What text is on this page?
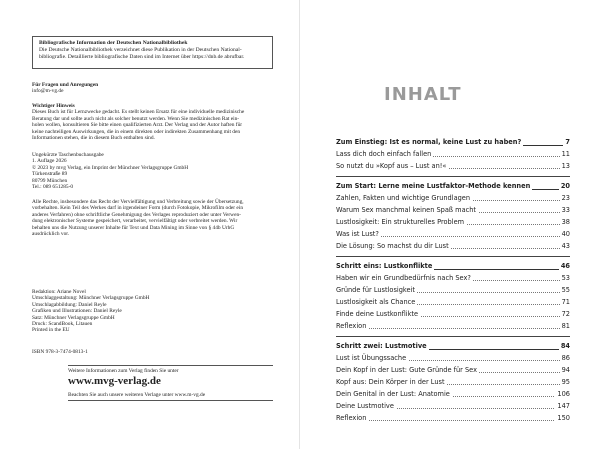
Bibliografische Information der Deutschen Nationalbibliothek
Die Deutsche Nationalbibliothek verzeichnet diese Publikation in der Deutschen National-
bibliografie. Detaillierte bibliografische Daten sind im Internet über https://dnb.de abrufbar.
Für Fragen und Anregungen
info@m-vg.de
Wichtiger Hinweis
Dieses Buch ist für Lernzwecke gedacht. Es stellt keinen Ersatz für eine individuelle medizinische
Beratung dar und sollte auch nicht als solcher benutzt werden. Wenn Sie medizinischen Rat ein-
holen wollen, konsultieren Sie bitte einen qualifizierten Arzt. Der Verlag und der Autor haften für
keine nachteiligen Auswirkungen, die in einem direkten oder indirekten Zusammenhang mit den
Informationen stehen, die in diesem Buch enthalten sind.
Ungekürzte Taschenbuchausgabe
1. Auflage 2026
© 2023 by mvg Verlag, ein Imprint der Münchner Verlagsgruppe GmbH
Türkenstraße 89
80799 München
Tel.: 089 651285-0
Alle Rechte, insbesondere das Recht der Vervielfältigung und Verbreitung sowie der Übersetzung,
vorbehalten. Kein Teil des Werkes darf in irgendeiner Form (durch Fotokopie, Mikrofilm oder ein
anderes Verfahren) ohne schriftliche Genehmigung des Verlages reproduziert oder unter Verwen-
dung elektronischer Systeme gespeichert, verarbeitet, vervielfältigt oder verbreitet werden. Wir
behalten uns die Nutzung unserer Inhalte für Text und Data Mining im Sinne von § 44b UrhG
ausdrücklich vor.
Redaktion: Ariane Novel
Umschlaggestaltung: Münchner Verlagsgruppe GmbH
Umschlagabbildung: Daniel Reyle
Grafiken und Illustrationen: Daniel Reyle
Satz: Münchner Verlagsgruppe GmbH
Druck: ScandBook, Litauen
Printed in the EU
ISBN 978-3-7474-0813-1
Weitere Informationen zum Verlag finden Sie unter
www.mvg-verlag.de
Beachten Sie auch unsere weiteren Verlage unter www.m-vg.de
INHALT
Zum Einstieg: Ist es normal, keine Lust zu haben?	7
Lass dich doch einfach fallen	11
So nutzt du »Kopf aus – Lust an!«	13
Zum Start: Lerne meine Lustfaktor-Methode kennen	20
Zahlen, Fakten und wichtige Grundlagen	23
Warum Sex manchmal keinen Spaß macht	33
Lustlosigkeit: Ein strukturelles Problem	38
Was ist Lust?	40
Die Lösung: So machst du dir Lust	43
Schritt eins: Lustkonflikte	46
Haben wir ein Grundbedürfnis nach Sex?	53
Gründe für Lustlosigkeit	55
Lustlosigkeit als Chance	71
Finde deine Lustkonflikte	72
Reflexion	81
Schritt zwei: Lustmotive	84
Lust ist Übungssache	86
Dein Kopf in der Lust: Gute Gründe für Sex	94
Kopf aus: Dein Körper in der Lust	95
Dein Genital in der Lust: Anatomie	106
Deine Lustmotive	147
Reflexion	150
